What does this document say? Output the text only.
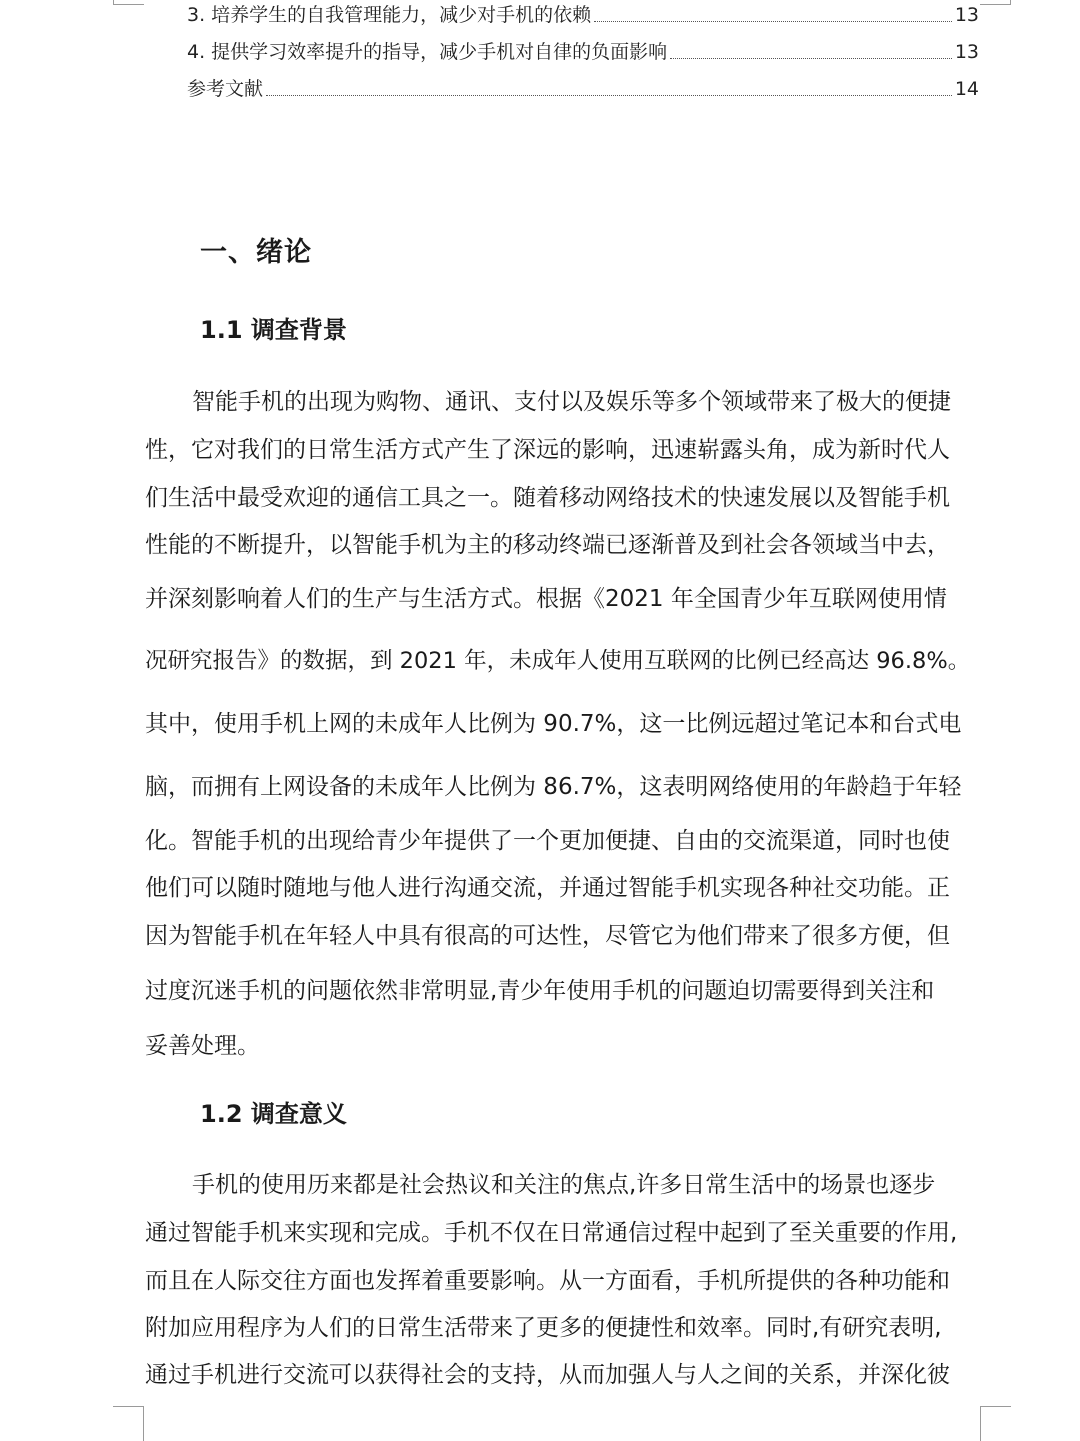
3. 培养学生的自我管理能力，减少对手机的依赖	13
4. 提供学习效率提升的指导，减少手机对自律的负面影响	13
参考文献	14
一、绪论
1.1 调查背景
智能手机的出现为购物、通讯、支付以及娱乐等多个领域带来了极大的便捷
性，它对我们的日常生活方式产生了深远的影响，迅速崭露头角，成为新时代人
们生活中最受欢迎的通信工具之一。随着移动网络技术的快速发展以及智能手机
性能的不断提升，以智能手机为主的移动终端已逐渐普及到社会各领域当中去，
并深刻影响着人们的生产与生活方式。根据《2021 年全国青少年互联网使用情
况研究报告》的数据，到 2021 年，未成年人使用互联网的比例已经高达 96.8%。
其中，使用手机上网的未成年人比例为 90.7%，这一比例远超过笔记本和台式电
脑，而拥有上网设备的未成年人比例为 86.7%，这表明网络使用的年龄趋于年轻
化。智能手机的出现给青少年提供了一个更加便捷、自由的交流渠道，同时也使
他们可以随时随地与他人进行沟通交流，并通过智能手机实现各种社交功能。正
因为智能手机在年轻人中具有很高的可达性，尽管它为他们带来了很多方便，但
过度沉迷手机的问题依然非常明显,青少年使用手机的问题迫切需要得到关注和
妥善处理。
1.2 调查意义
手机的使用历来都是社会热议和关注的焦点,许多日常生活中的场景也逐步
通过智能手机来实现和完成。手机不仅在日常通信过程中起到了至关重要的作用,
而且在人际交往方面也发挥着重要影响。从一方面看，手机所提供的各种功能和
附加应用程序为人们的日常生活带来了更多的便捷性和效率。同时,有研究表明,
通过手机进行交流可以获得社会的支持，从而加强人与人之间的关系，并深化彼
